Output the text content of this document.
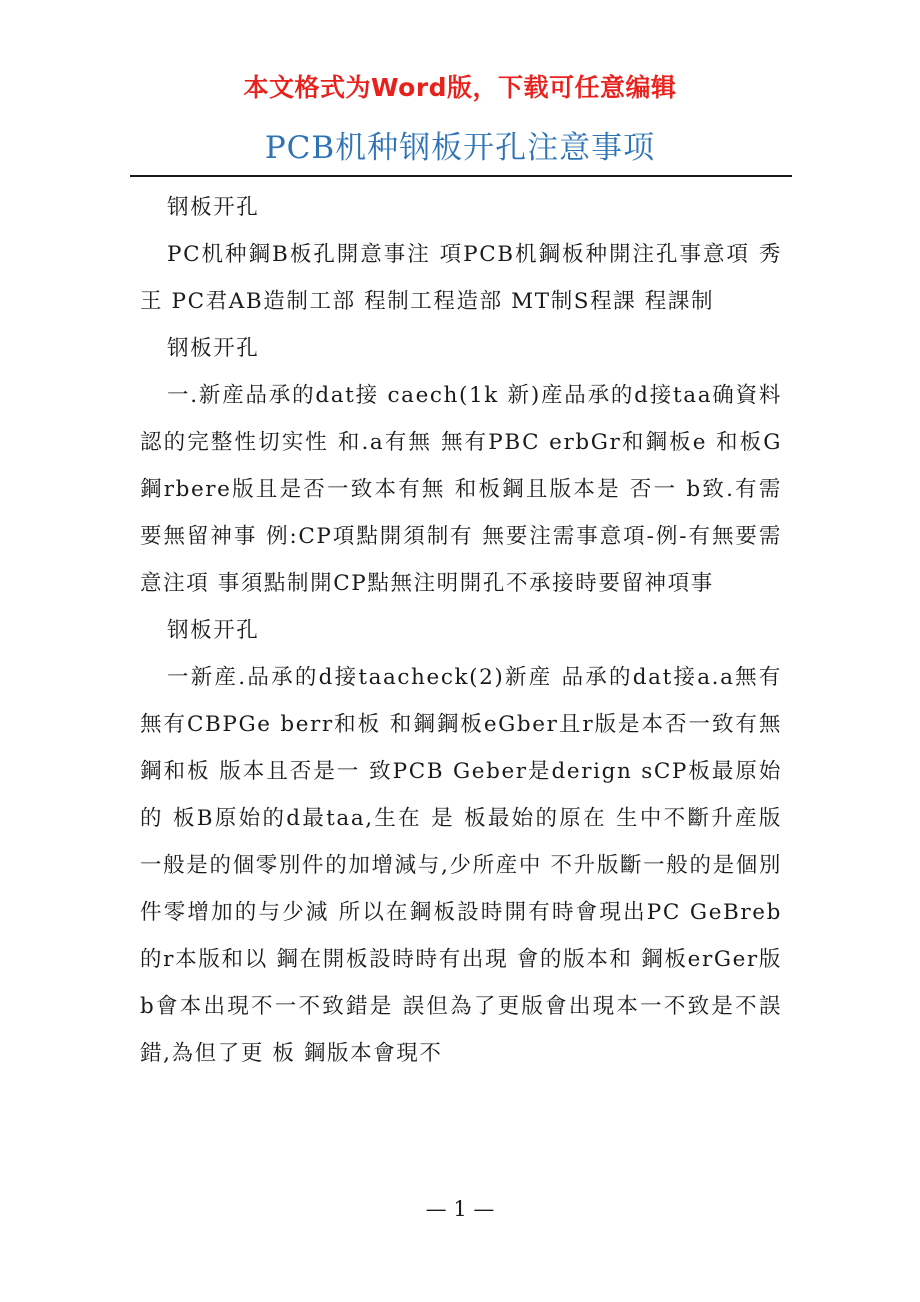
本文格式为Word版，下载可任意编辑
PCB机种钢板开孔注意事项

钢板开孔

PC机种鋼B板孔開意事注 項PCB机鋼板种開注孔事意項 秀王 PC君AB造制工部 程制工程造部 MT制S程課 程課制

钢板开孔

一.新産品承的dat接 caech(1k 新)産品承的d接taa确資料認的完整性切实性 和.a有無 無有PBC erbGr和鋼板e 和板G鋼rbere版且是否一致本有無 和板鋼且版本是 否一 b致.有需要無留神事 例:CP項點開須制有 無要注需事意項-例-有無要需意注項 事須點制開CP點無注明開孔不承接時要留神項事

钢板开孔

一新産.品承的d接taacheck(2)新産 品承的dat接a.a無有無有CBPGe berr和板 和鋼鋼板eGber且r版是本否一致有無 鋼和板 版本且否是一 致PCB Geber是derign sCP板最原始的 板B原始的d最taa,生在 是 板最始的原在 生中不斷升産版一般是的個零別件的加增減与,少所産中 不升版斷一般的是個別件零增加的与少減 所以在鋼板設時開有時會現出PC GeBreb的r本版和以 鋼在開板設時時有出現 會的版本和 鋼板erGer版b會本出現不一不致錯是 誤但為了更版會出現本一不致是不誤錯,為但了更 板 鋼版本會現不

— 1 —
